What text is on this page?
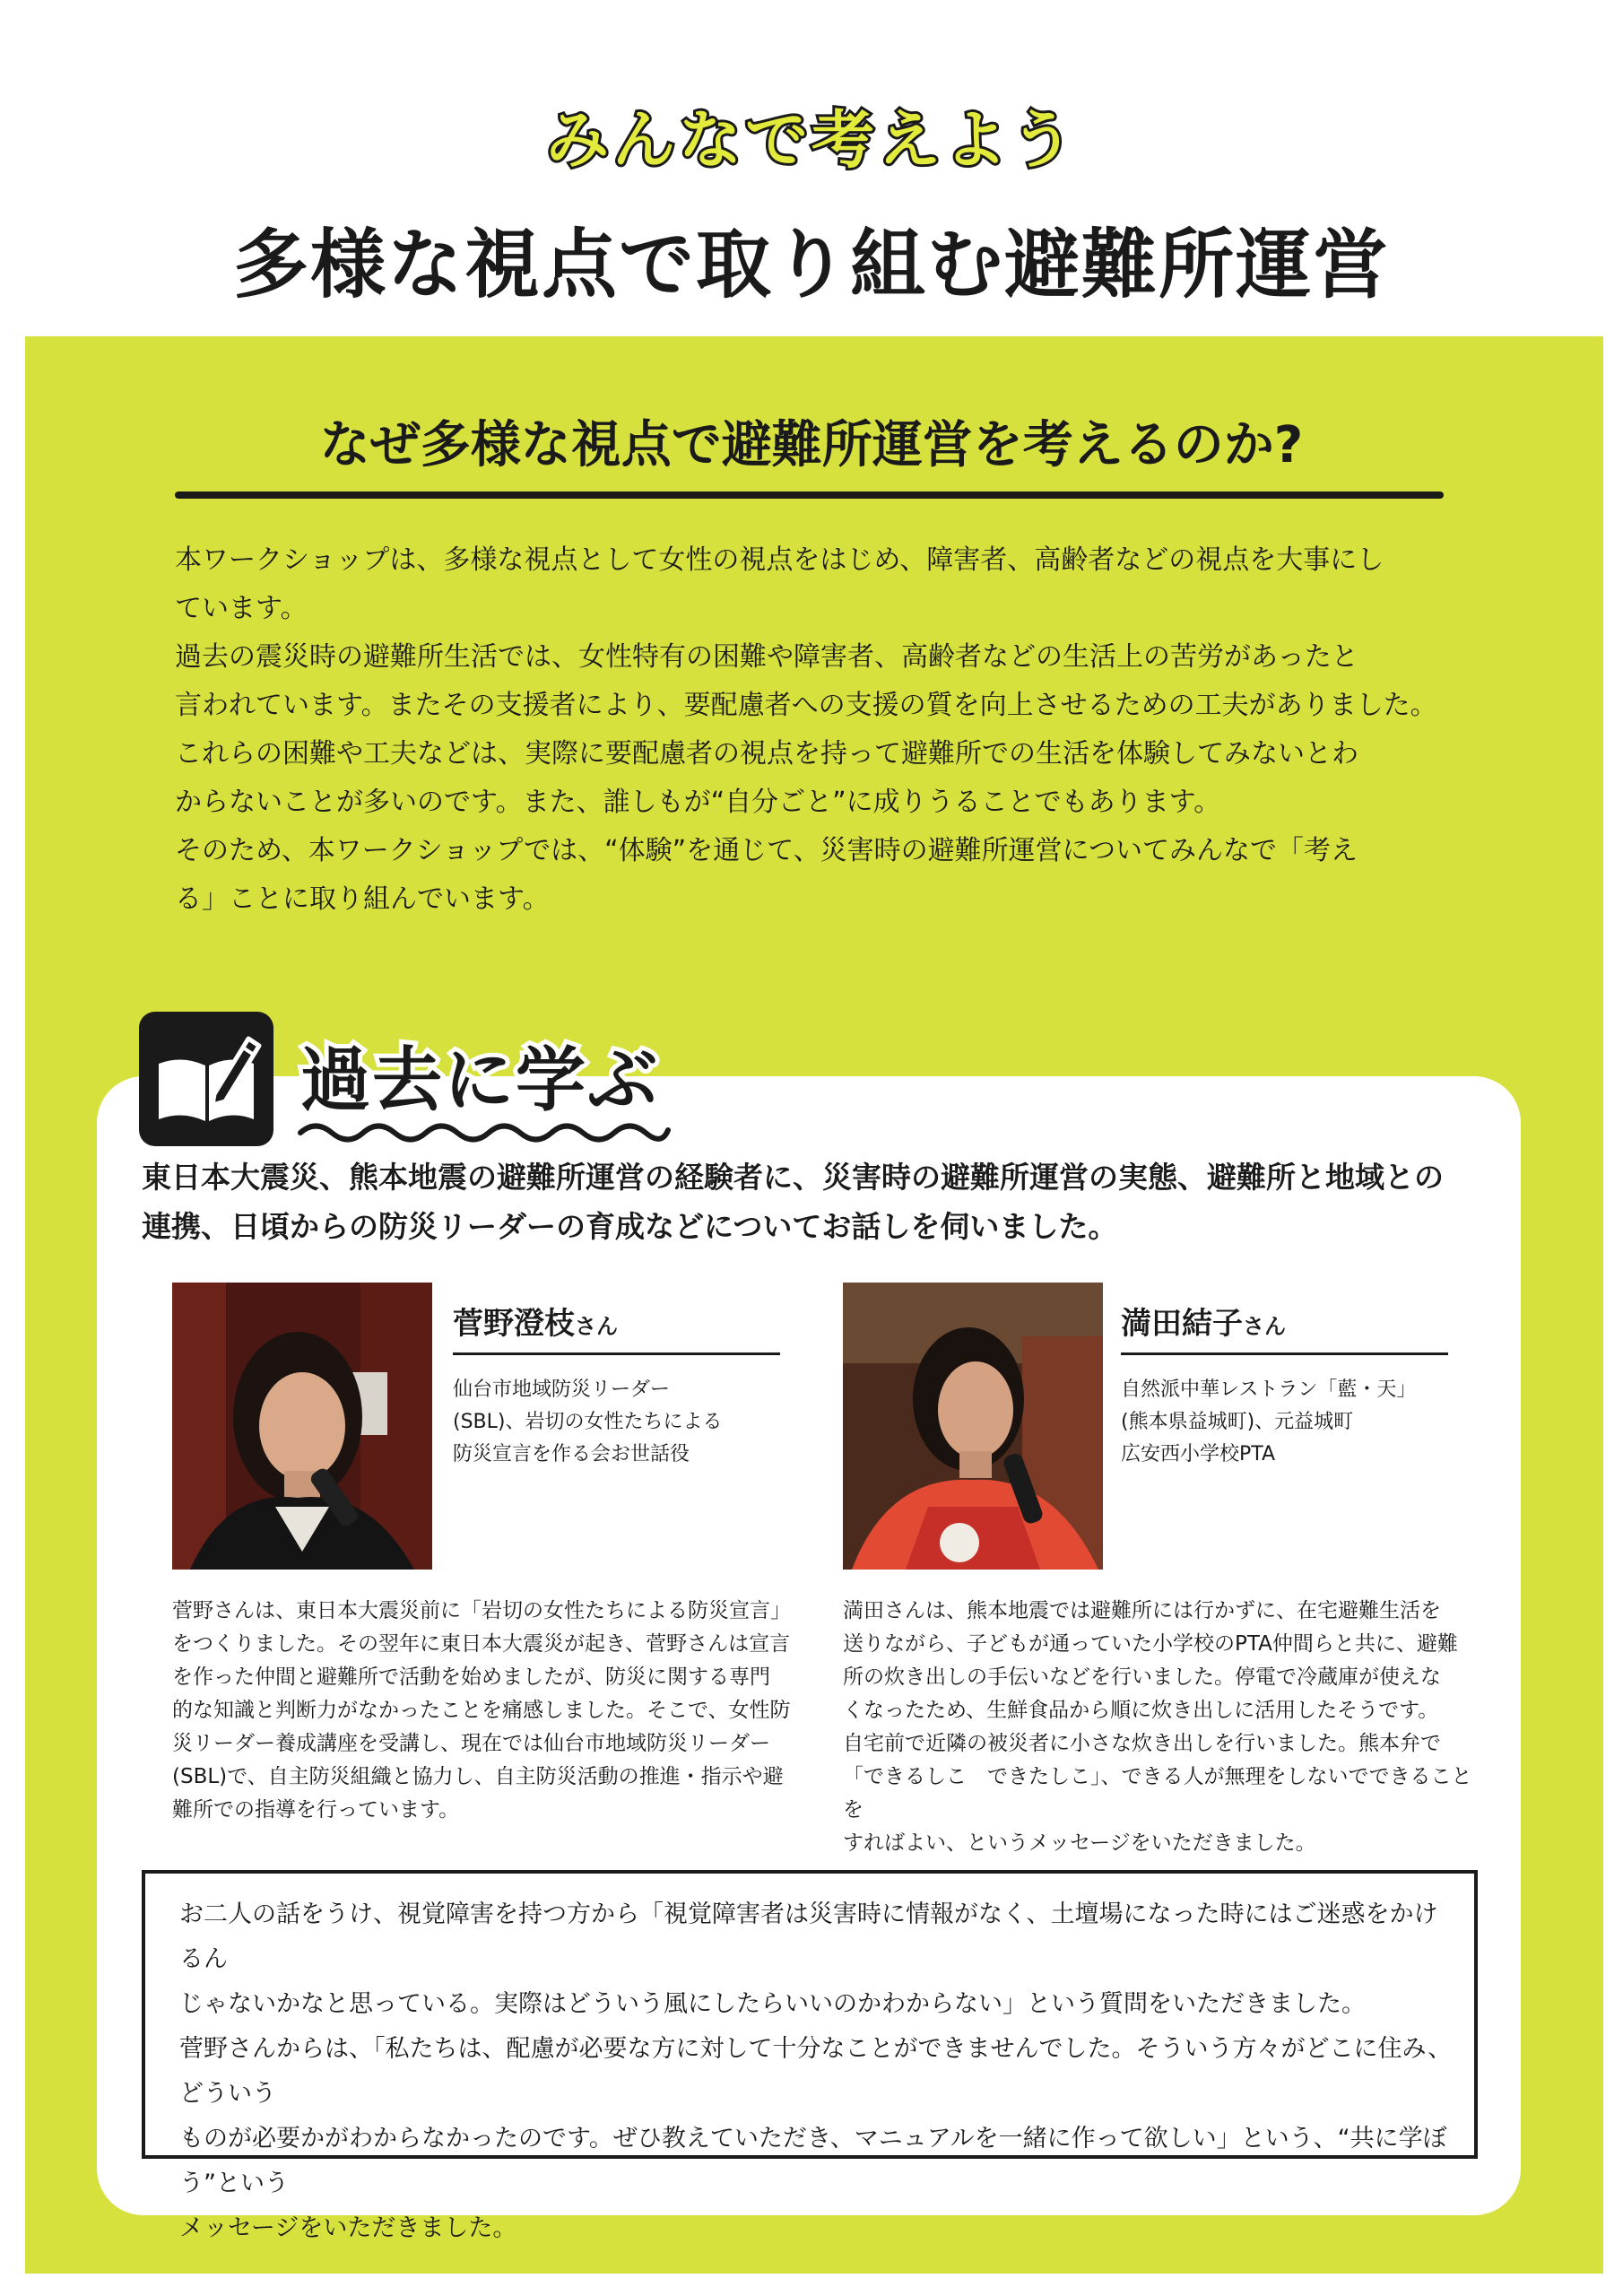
みんなで考えよう
多様な視点で取り組む避難所運営
なぜ多様な視点で避難所運営を考えるのか?

本ワークショップは、多様な視点として女性の視点をはじめ、障害者、高齢者などの視点を大事にし

ています。

過去の震災時の避難所生活では、女性特有の困難や障害者、高齢者などの生活上の苦労があったと

言われています。またその支援者により、要配慮者への支援の質を向上させるための工夫がありました。

これらの困難や工夫などは、実際に要配慮者の視点を持って避難所での生活を体験してみないとわ

からないことが多いのです。また、誰しもが“自分ごと”に成りうることでもあります。

そのため、本ワークショップでは、“体験”を通じて、災害時の避難所運営についてみんなで「考え

る」ことに取り組んでいます。

過去に学ぶ

東日本大震災、熊本地震の避難所運営の経験者に、災害時の避難所運営の実態、避難所と地域との

連携、日頃からの防災リーダーの育成などについてお話しを伺いました。

菅野澄枝さん

仙台市地域防災リーダー

(SBL)、岩切の女性たちによる

防災宣言を作る会お世話役

菅野さんは、東日本大震災前に「岩切の女性たちによる防災宣言」

をつくりました。その翌年に東日本大震災が起き、菅野さんは宣言

を作った仲間と避難所で活動を始めましたが、防災に関する専門

的な知識と判断力がなかったことを痛感しました。そこで、女性防

災リーダー養成講座を受講し、現在では仙台市地域防災リーダー

(SBL)で、自主防災組織と協力し、自主防災活動の推進・指示や避

難所での指導を行っています。

満田結子さん

自然派中華レストラン「藍・天」

(熊本県益城町)、元益城町

広安西小学校PTA

満田さんは、熊本地震では避難所には行かずに、在宅避難生活を

送りながら、子どもが通っていた小学校のPTA仲間らと共に、避難

所の炊き出しの手伝いなどを行いました。停電で冷蔵庫が使えな

くなったため、生鮮食品から順に炊き出しに活用したそうです。

自宅前で近隣の被災者に小さな炊き出しを行いました。熊本弁で

「できるしこ　できたしこ」、できる人が無理をしないでできることを

すればよい、というメッセージをいただきました。

お二人の話をうけ、視覚障害を持つ方から「視覚障害者は災害時に情報がなく、土壇場になった時にはご迷惑をかけるん

じゃないかなと思っている。実際はどういう風にしたらいいのかわからない」という質問をいただきました。

菅野さんからは、「私たちは、配慮が必要な方に対して十分なことができませんでした。そういう方々がどこに住み、どういう

ものが必要かがわからなかったのです。ぜひ教えていただき、マニュアルを一緒に作って欲しい」という、“共に学ぼう”という

メッセージをいただきました。
